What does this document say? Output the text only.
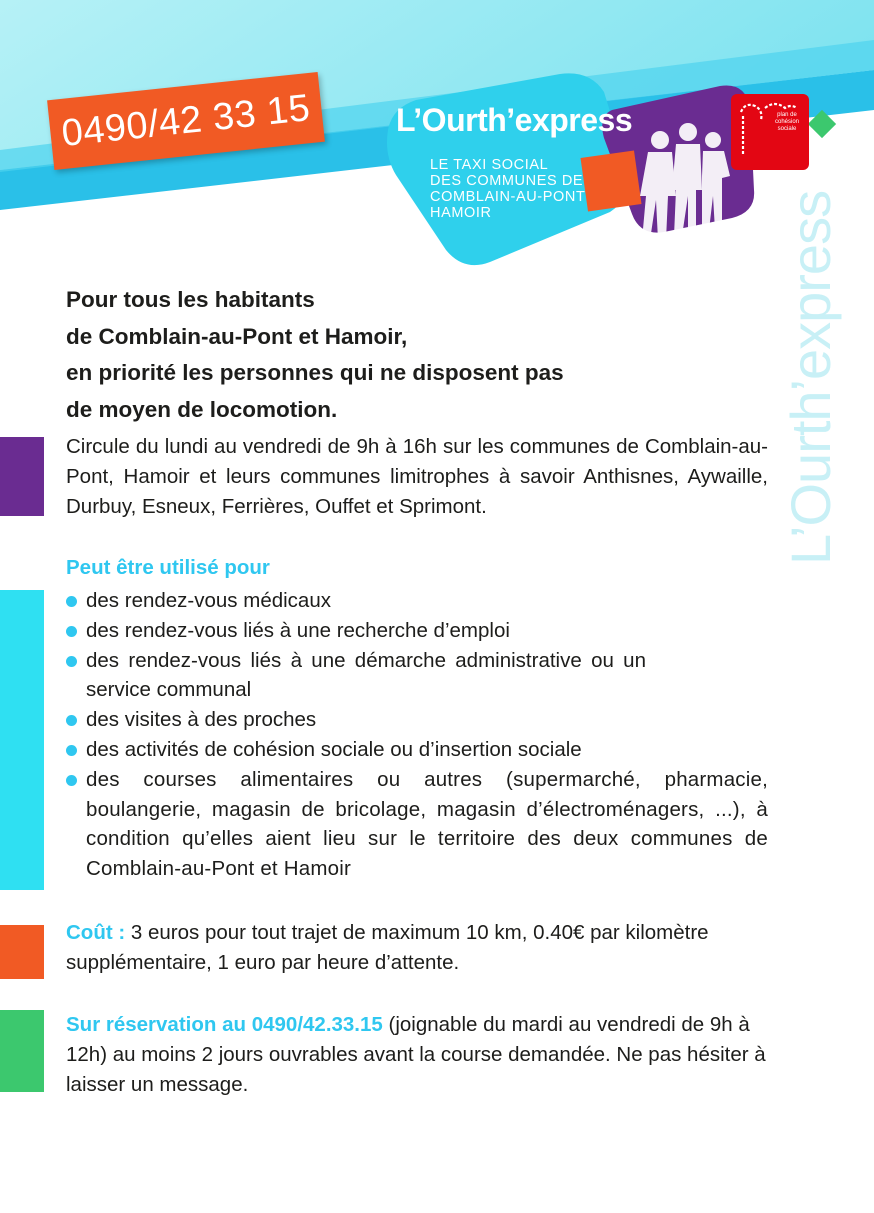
0490/42 33 15	L’Ourth’express
LE TAXI SOCIAL
DES COMMUNES DE
COMBLAIN-AU-PONT
HAMOIR
plan de cohésion sociale
L’Ourth’express
Pour tous les habitants
de Comblain-au-Pont et Hamoir,
en priorité les personnes qui ne disposent pas
de moyen de locomotion.
Circule du lundi au vendredi de 9h à 16h sur les communes de Comblain-au-Pont, Hamoir et leurs communes limitrophes à savoir Anthisnes, Aywaille, Durbuy, Esneux, Ferrières, Ouffet et Sprimont.
Peut être utilisé pour
des rendez-vous médicaux
des rendez-vous liés à une recherche d’emploi
des rendez-vous liés à une démarche administrative ou un service communal
des visites à des proches
des activités de cohésion sociale ou d’insertion sociale
des courses alimentaires ou autres (supermarché, pharmacie, boulangerie, magasin de bricolage, magasin d’électroménagers, ...), à condition qu’elles aient lieu sur le territoire des deux communes de Comblain-au-Pont et Hamoir
Coût : 3 euros pour tout trajet de maximum 10 km, 0.40€ par kilomètre supplémentaire, 1 euro par heure d’attente.
Sur réservation au 0490/42.33.15 (joignable du mardi au vendredi de 9h à 12h) au moins 2 jours ouvrables avant la course demandée. Ne pas hésiter à laisser un message.
